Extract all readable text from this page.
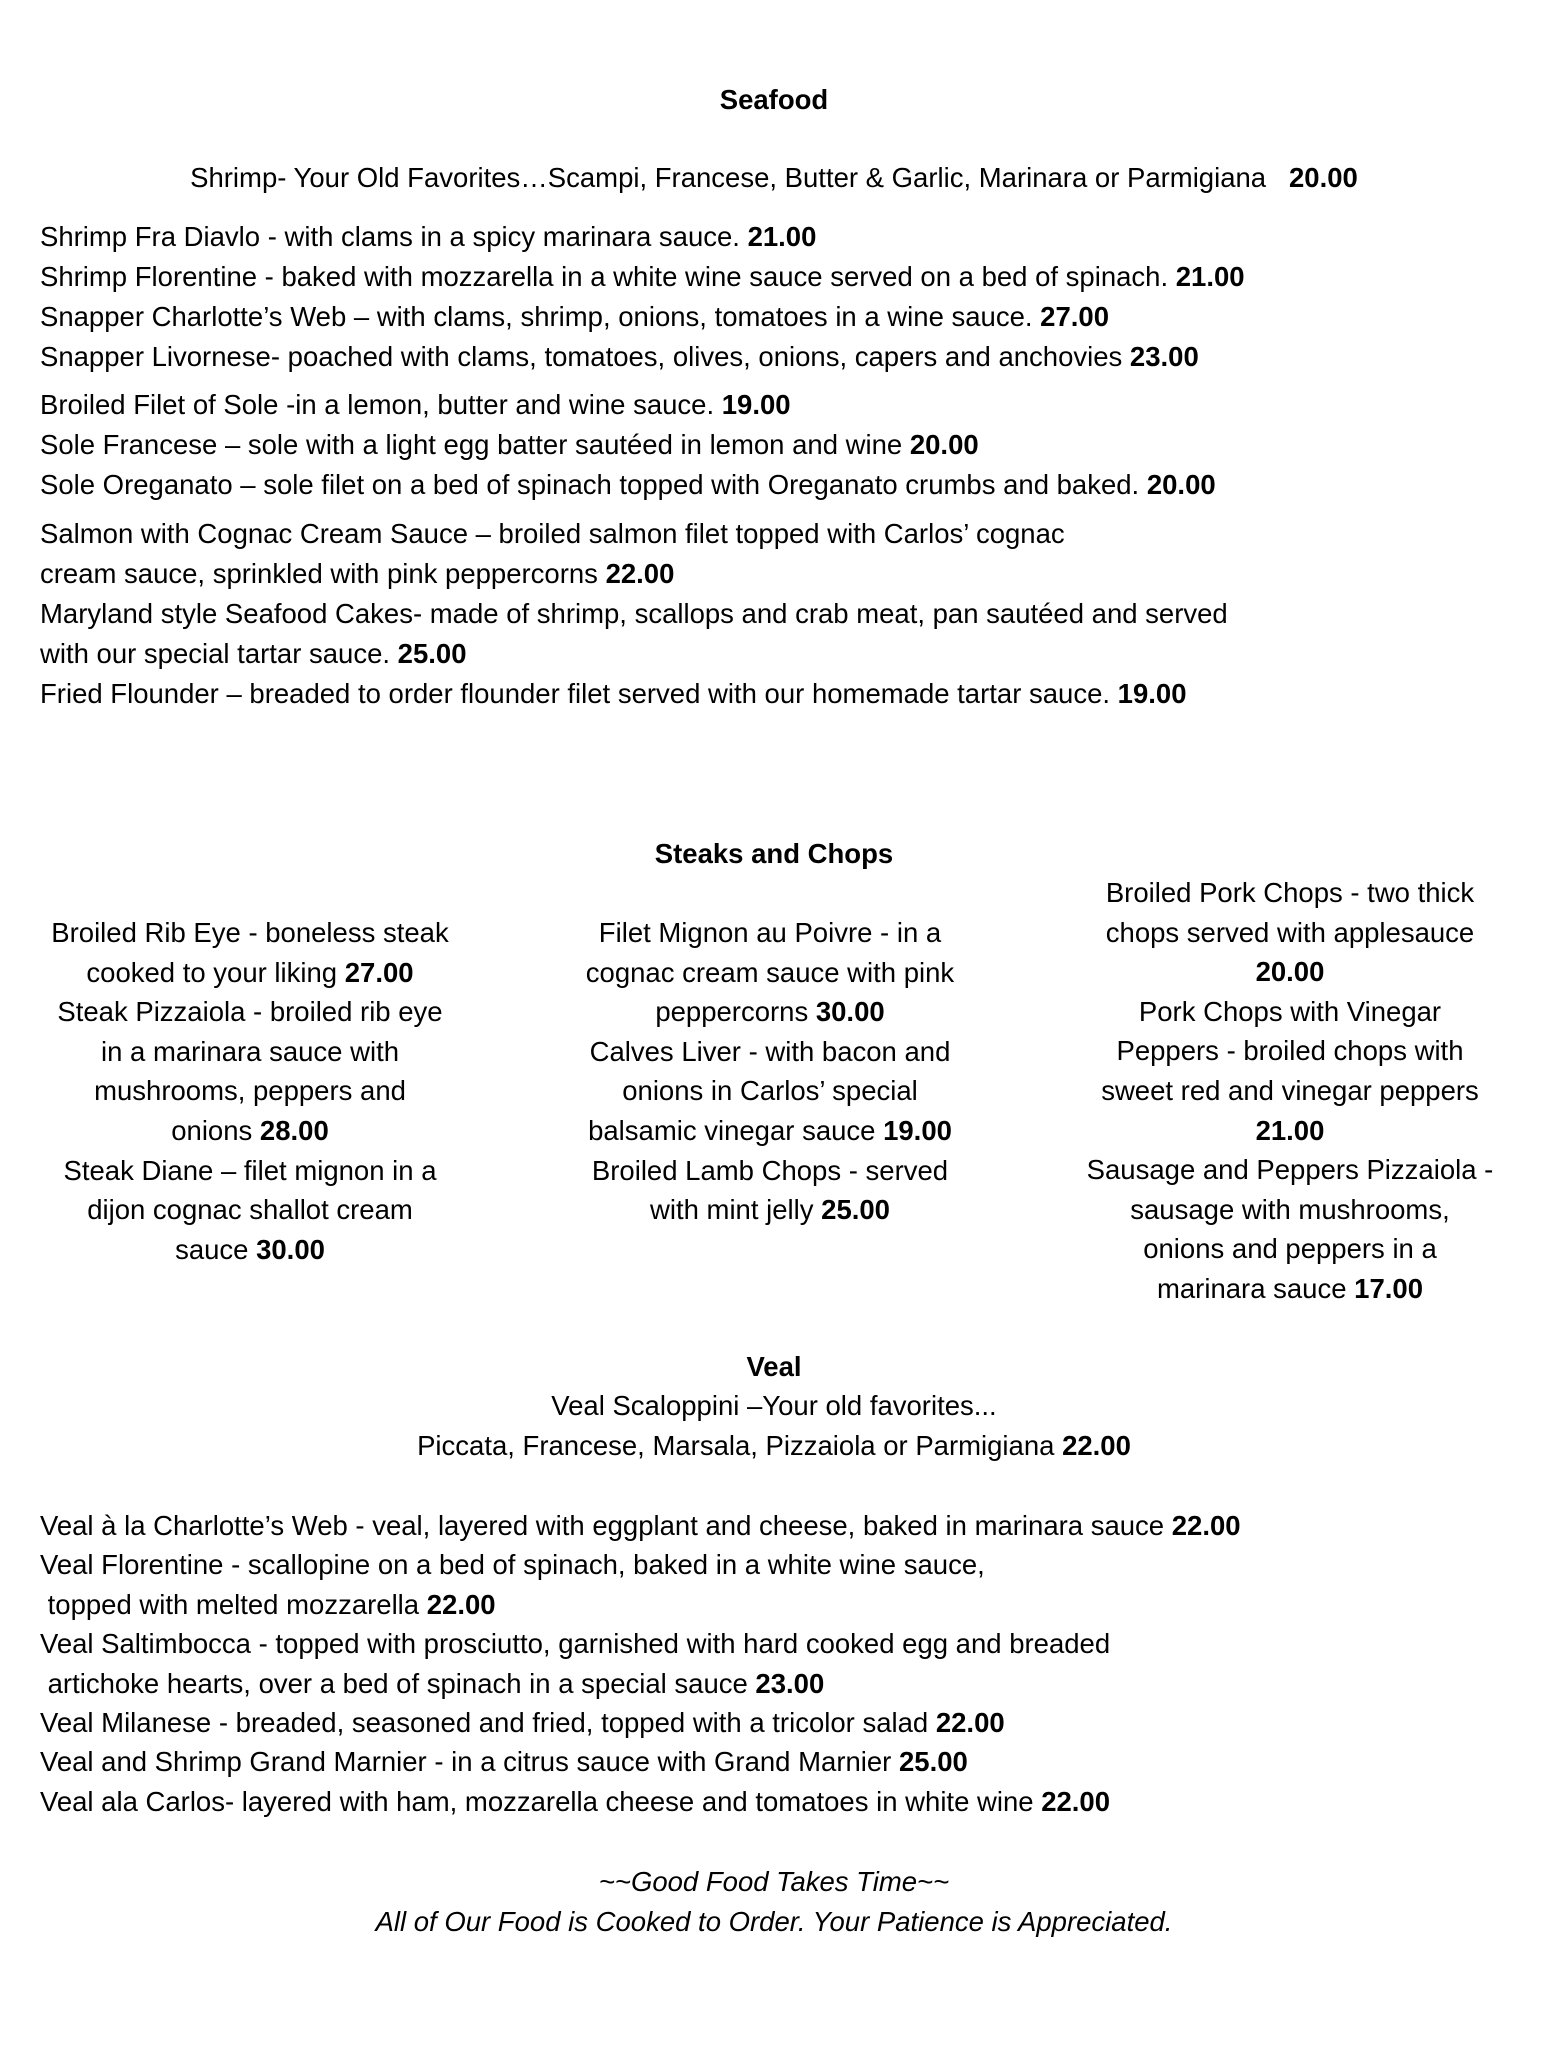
Seafood
Shrimp- Your Old Favorites…Scampi, Francese, Butter & Garlic, Marinara or Parmigiana 20.00
Shrimp Fra Diavlo - with clams in a spicy marinara sauce. 21.00
Shrimp Florentine - baked with mozzarella in a white wine sauce served on a bed of spinach. 21.00
Snapper Charlotte’s Web – with clams, shrimp, onions, tomatoes in a wine sauce. 27.00
Snapper Livornese- poached with clams, tomatoes, olives, onions, capers and anchovies 23.00
Broiled Filet of Sole -in a lemon, butter and wine sauce. 19.00
Sole Francese – sole with a light egg batter sautéed in lemon and wine 20.00
Sole Oreganato – sole filet on a bed of spinach topped with Oreganato crumbs and baked. 20.00
Salmon with Cognac Cream Sauce – broiled salmon filet topped with Carlos’ cognac
cream sauce, sprinkled with pink peppercorns 22.00
Maryland style Seafood Cakes- made of shrimp, scallops and crab meat, pan sautéed and served
with our special tartar sauce. 25.00
Fried Flounder – breaded to order flounder filet served with our homemade tartar sauce. 19.00
Steaks and Chops
Broiled Rib Eye - boneless steak
cooked to your liking 27.00
Steak Pizzaiola - broiled rib eye
in a marinara sauce with
mushrooms, peppers and
onions 28.00
Steak Diane – filet mignon in a
dijon cognac shallot cream
sauce 30.00
Filet Mignon au Poivre - in a
cognac cream sauce with pink
peppercorns 30.00
Calves Liver - with bacon and
onions in Carlos’ special
balsamic vinegar sauce 19.00
Broiled Lamb Chops - served
with mint jelly 25.00
Broiled Pork Chops - two thick
chops served with applesauce
20.00
Pork Chops with Vinegar
Peppers - broiled chops with
sweet red and vinegar peppers
21.00
Sausage and Peppers Pizzaiola -
sausage with mushrooms,
onions and peppers in a
marinara sauce 17.00
Veal
Veal Scaloppini –Your old favorites...
Piccata, Francese, Marsala, Pizzaiola or Parmigiana 22.00
Veal à la Charlotte’s Web - veal, layered with eggplant and cheese, baked in marinara sauce 22.00
Veal Florentine - scallopine on a bed of spinach, baked in a white wine sauce,
topped with melted mozzarella 22.00
Veal Saltimbocca - topped with prosciutto, garnished with hard cooked egg and breaded
artichoke hearts, over a bed of spinach in a special sauce 23.00
Veal Milanese - breaded, seasoned and fried, topped with a tricolor salad 22.00
Veal and Shrimp Grand Marnier - in a citrus sauce with Grand Marnier 25.00
Veal ala Carlos- layered with ham, mozzarella cheese and tomatoes in white wine 22.00
~~Good Food Takes Time~~
All of Our Food is Cooked to Order. Your Patience is Appreciated.
